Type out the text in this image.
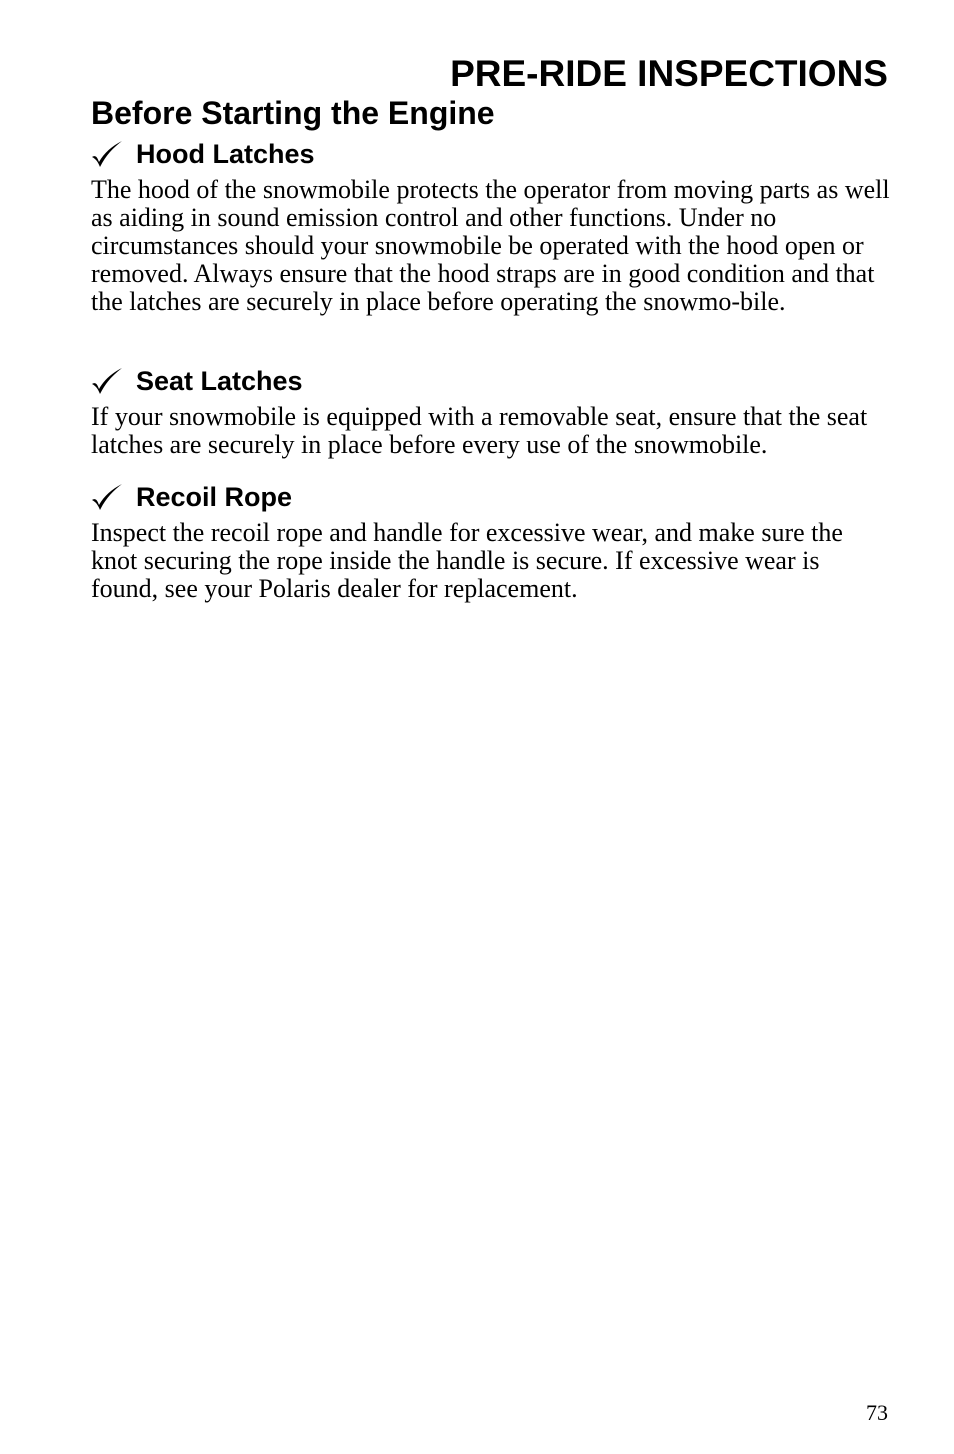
PRE-RIDE INSPECTIONS
Before Starting the Engine
Hood Latches

The hood of the snowmobile protects the operator from moving parts as well as aiding in sound emission control and other functions. Under no circumstances should your snowmobile be operated with the hood open or removed. Always ensure that the hood straps are in good condition and that the latches are securely in place before operating the snowmo-bile.

Seat Latches

If your snowmobile is equipped with a removable seat, ensure that the seat latches are securely in place before every use of the snowmobile.

Recoil Rope

Inspect the recoil rope and handle for excessive wear, and make sure the knot securing the rope inside the handle is secure. If excessive wear is found, see your Polaris dealer for replacement.

73
